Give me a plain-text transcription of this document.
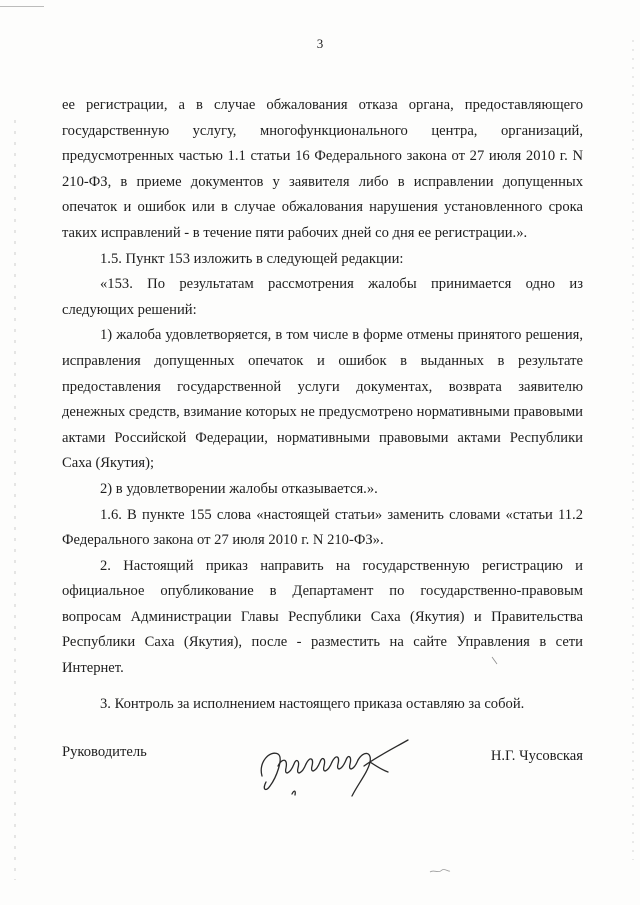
3

ее регистрации, а в случае обжалования отказа органа, предоставляющего государственную услугу, многофункционального центра, организаций, предусмотренных частью 1.1 статьи 16 Федерального закона от 27 июля 2010 г. N 210-ФЗ, в приеме документов у заявителя либо в исправлении допущенных опечаток и ошибок или в случае обжалования нарушения установленного срока таких исправлений - в течение пяти рабочих дней со дня ее регистрации.».

1.5. Пункт 153 изложить в следующей редакции:

«153. По результатам рассмотрения жалобы принимается одно из следующих решений:

1) жалоба удовлетворяется, в том числе в форме отмены принятого решения, исправления допущенных опечаток и ошибок в выданных в результате предоставления государственной услуги документах, возврата заявителю денежных средств, взимание которых не предусмотрено нормативными правовыми актами Российской Федерации, нормативными правовыми актами Республики Саха (Якутия);

2) в удовлетворении жалобы отказывается.».

1.6. В пункте 155 слова «настоящей статьи» заменить словами «статьи 11.2 Федерального закона от 27 июля 2010 г. N 210-ФЗ».

2. Настоящий приказ направить на государственную регистрацию и официальное опубликование в Департамент по государственно-правовым вопросам Администрации Главы Республики Саха (Якутия) и Правительства Республики Саха (Якутия), после - разместить на сайте Управления в сети Интернет.

3. Контроль за исполнением настоящего приказа оставляю за собой.

Руководитель	Н.Г. Чусовская
